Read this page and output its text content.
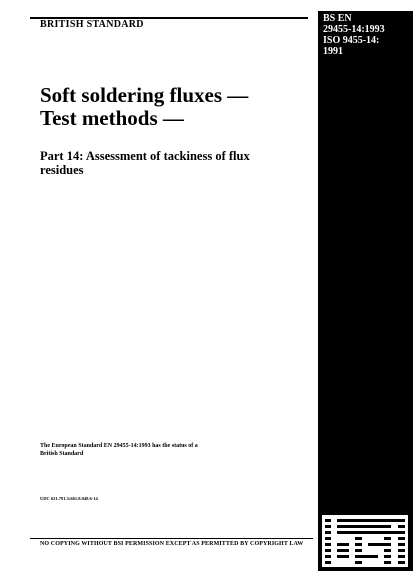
BRITISH STANDARD
BS EN
29455-14:1993
ISO 9455-14:
1991
Soft soldering fluxes —
Test methods —
Part 14: Assessment of tackiness of flux
residues
The European Standard EN 29455-14:1993 has the status of a
British Standard
UDC 621.791.3:661.8.048.6-14
NO COPYING WITHOUT BSI PERMISSION EXCEPT AS PERMITTED BY COPYRIGHT LAW
